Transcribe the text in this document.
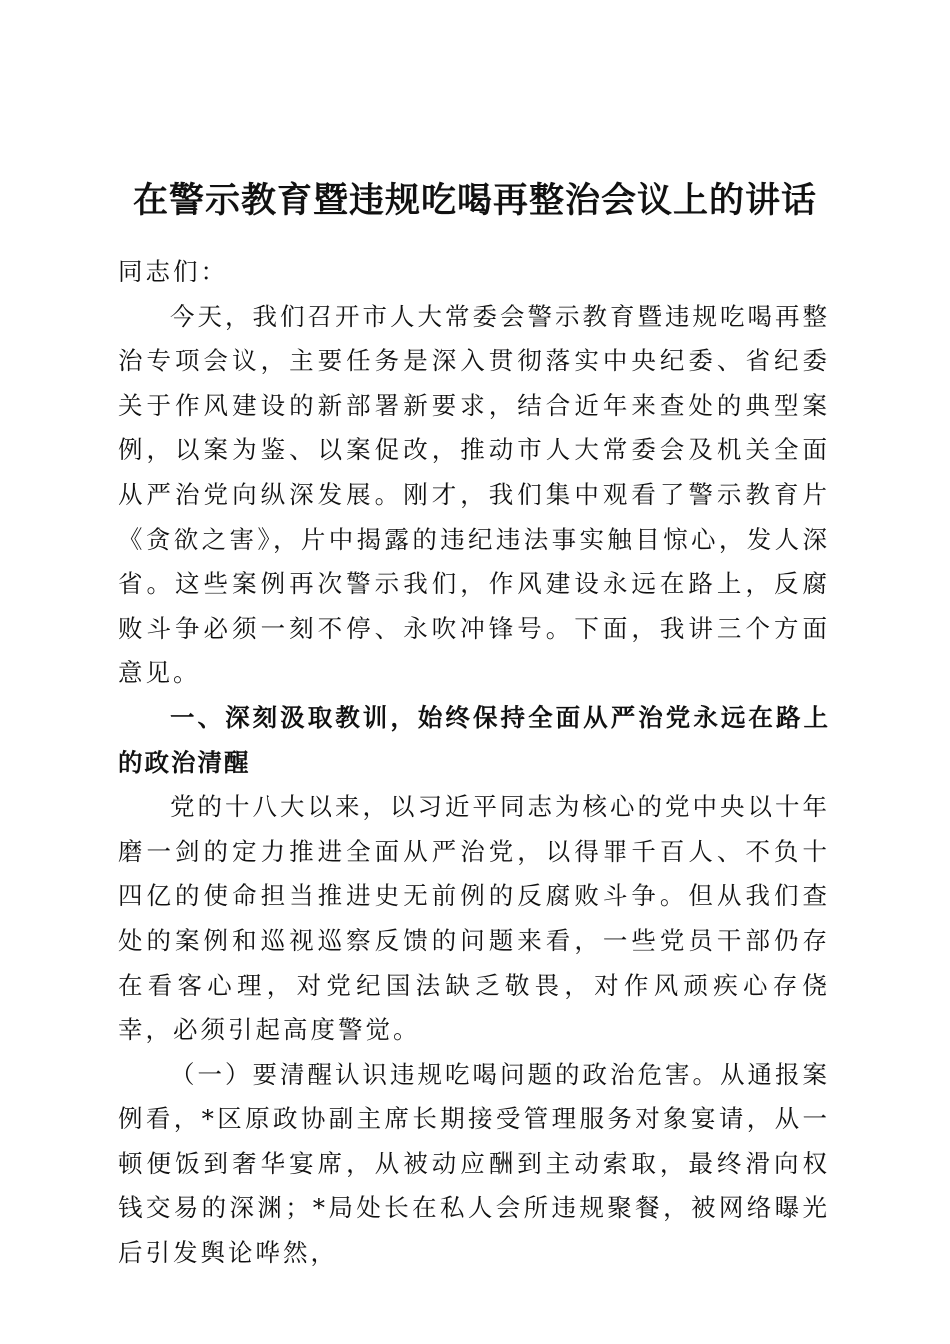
在警示教育暨违规吃喝再整治会议上的讲话

同志们：

今天，我们召开市人大常委会警示教育暨违规吃喝再整治专项会议，主要任务是深入贯彻落实中央纪委、省纪委关于作风建设的新部署新要求，结合近年来查处的典型案例，以案为鉴、以案促改，推动市人大常委会及机关全面从严治党向纵深发展。刚才，我们集中观看了警示教育片《贪欲之害》，片中揭露的违纪违法事实触目惊心，发人深省。这些案例再次警示我们，作风建设永远在路上，反腐败斗争必须一刻不停、永吹冲锋号。下面，我讲三个方面意见。

一、深刻汲取教训，始终保持全面从严治党永远在路上的政治清醒

党的十八大以来，以习近平同志为核心的党中央以十年磨一剑的定力推进全面从严治党，以得罪千百人、不负十四亿的使命担当推进史无前例的反腐败斗争。但从我们查处的案例和巡视巡察反馈的问题来看，一些党员干部仍存在看客心理，对党纪国法缺乏敬畏，对作风顽疾心存侥幸，必须引起高度警觉。

（一）要清醒认识违规吃喝问题的政治危害。从通报案例看，*区原政协副主席长期接受管理服务对象宴请，从一顿便饭到奢华宴席，从被动应酬到主动索取，最终滑向权钱交易的深渊；*局处长在私人会所违规聚餐，被网络曝光后引发舆论哗然，
